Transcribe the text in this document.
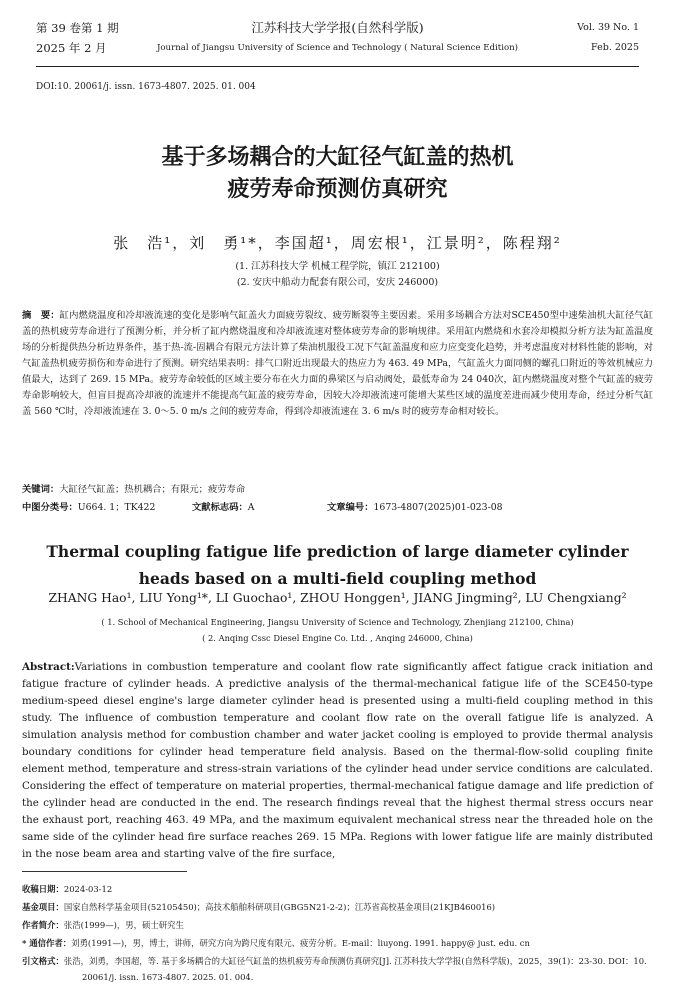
第 39 卷第 1 期
2025 年 2 月
江苏科技大学学报(自然科学版)
Journal of Jiangsu University of Science and Technology ( Natural Science Edition)
Vol. 39 No. 1
Feb. 2025
DOI:10. 20061/j. issn. 1673-4807. 2025. 01. 004
基于多场耦合的大缸径气缸盖的热机
疲劳寿命预测仿真研究
张　浩¹，刘　勇¹*，李国超¹，周宏根¹，江景明²，陈程翔²
(1. 江苏科技大学 机械工程学院，镇江 212100)
(2. 安庆中船动力配套有限公司，安庆 246000)
摘　要：缸内燃烧温度和冷却液流速的变化是影响气缸盖火力面疲劳裂纹、疲劳断裂等主要因素。采用多场耦合方法对SCE450型中速柴油机大缸径气缸盖的热机疲劳寿命进行了预测分析，并分析了缸内燃烧温度和冷却液流速对整体疲劳寿命的影响规律。采用缸内燃烧和水套冷却模拟分析方法为缸盖温度场的分析提供热分析边界条件，基于热-流-固耦合有限元方法计算了柴油机服役工况下气缸盖温度和应力应变变化趋势，并考虑温度对材料性能的影响，对气缸盖热机疲劳损伤和寿命进行了预测。研究结果表明：排气口附近出现最大的热应力为 463. 49 MPa，气缸盖火力面同侧的螺孔口附近的等效机械应力值最大，达到了 269. 15 MPa。疲劳寿命较低的区域主要分布在火力面的鼻梁区与启动阀处，最低寿命为 24 040次，缸内燃烧温度对整个气缸盖的疲劳寿命影响较大，但盲目提高冷却液的流速并不能提高气缸盖的疲劳寿命，因较大冷却液流速可能增大某些区域的温度差进而减少使用寿命，经过分析气缸盖 560 ℃时，冷却液流速在 3. 0～5. 0 m/s 之间的疲劳寿命，得到冷却液流速在 3. 6 m/s 时的疲劳寿命相对较长。
关键词：大缸径气缸盖；热机耦合；有限元；疲劳寿命
中图分类号：U664. 1；TK422	文献标志码：A	文章编号：1673-4807(2025)01-023-08
Thermal coupling fatigue life prediction of large diameter cylinder
heads based on a multi-field coupling method
ZHANG Hao¹, LIU Yong¹*, LI Guochao¹, ZHOU Honggen¹, JIANG Jingming², LU Chengxiang²
( 1. School of Mechanical Engineering, Jiangsu University of Science and Technology, Zhenjiang 212100, China)
( 2. Anqing Cssc Diesel Engine Co. Ltd. , Anqing 246000, China)
Abstract:Variations in combustion temperature and coolant flow rate significantly affect fatigue crack initiation and fatigue fracture of cylinder heads. A predictive analysis of the thermal-mechanical fatigue life of the SCE450-type medium-speed diesel engine's large diameter cylinder head is presented using a multi-field coupling method in this study. The influence of combustion temperature and coolant flow rate on the overall fatigue life is analyzed. A simulation analysis method for combustion chamber and water jacket cooling is employed to provide thermal analysis boundary conditions for cylinder head temperature field analysis. Based on the thermal-flow-solid coupling finite element method, temperature and stress-strain variations of the cylinder head under service conditions are calculated. Considering the effect of temperature on material properties, thermal-mechanical fatigue damage and life prediction of the cylinder head are conducted in the end. The research findings reveal that the highest thermal stress occurs near the exhaust port, reaching 463. 49 MPa, and the maximum equivalent mechanical stress near the threaded hole on the same side of the cylinder head fire surface reaches 269. 15 MPa. Regions with lower fatigue life are mainly distributed in the nose beam area and starting valve of the fire surface,

收稿日期：2024-03-12

基金项目：国家自然科学基金项目(52105450)；高技术船舶科研项目(GBG5N21-2-2)；江苏省高校基金项目(21KJB460016)

作者简介：张浩(1999—)，男，硕士研究生

* 通信作者：刘勇(1991—)，男，博士，讲师，研究方向为跨尺度有限元、疲劳分析。E-mail：liuyong. 1991. happy@ just. edu. cn

引文格式：张浩，刘勇，李国超，等. 基于多场耦合的大缸径气缸盖的热机疲劳寿命预测仿真研究[J]. 江苏科技大学学报(自然科学版)，2025，39(1)：23-30. DOI：10. 20061/j. issn. 1673-4807. 2025. 01. 004.
